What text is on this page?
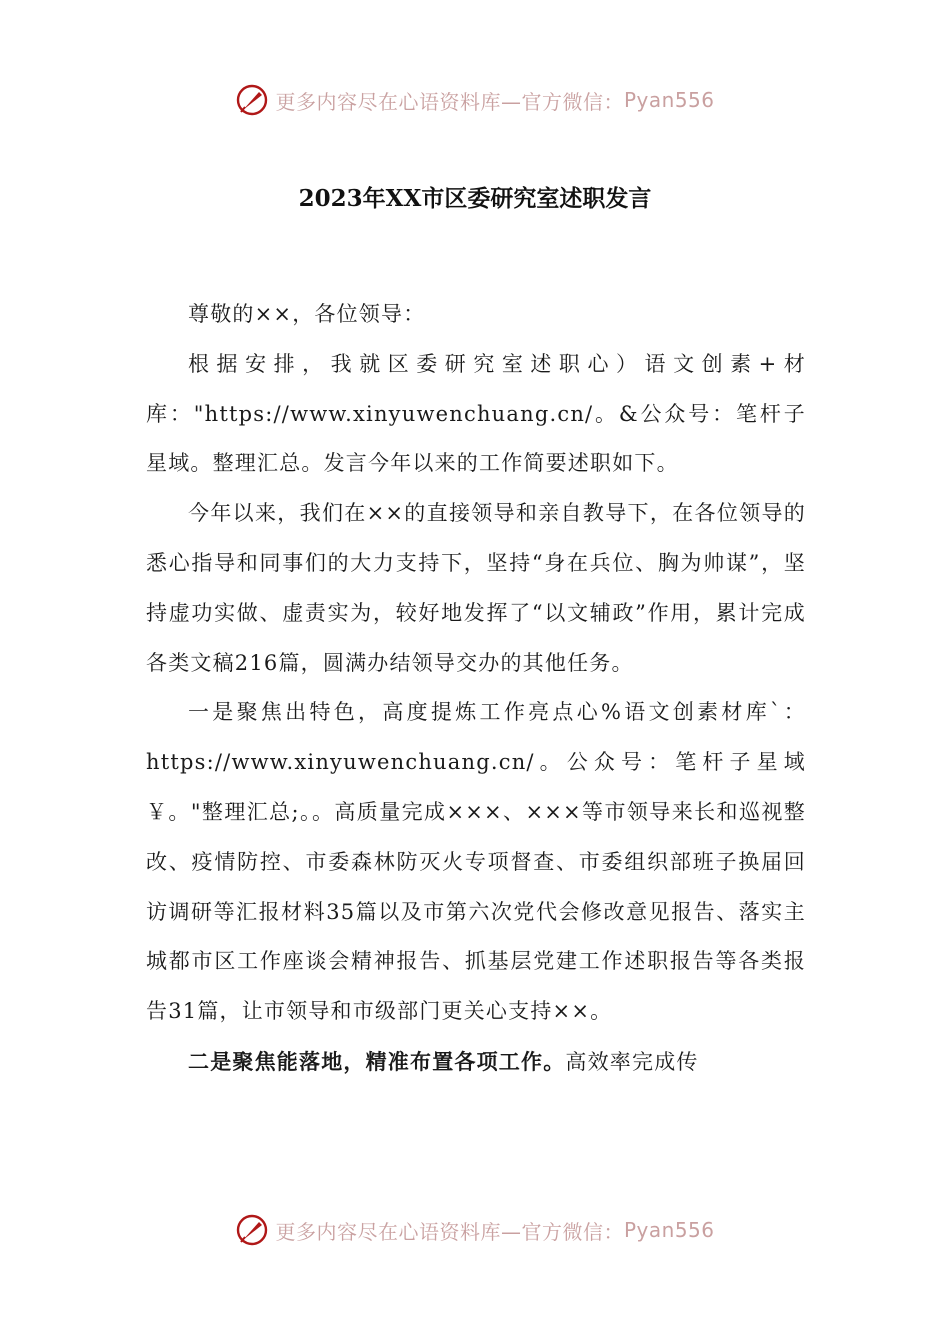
更多内容尽在心语资料库—官方微信： Pyan556
2023年XX市区委研究室述职发言

尊敬的××，各位领导：

根据安排，我就区委研究室述职心）语文创素+材库："https://www.xinyuwenchuang.cn/。&公众号：笔杆子星域。整理汇总。发言今年以来的工作简要述职如下。

今年以来，我们在××的直接领导和亲自教导下，在各位领导的悉心指导和同事们的大力支持下，坚持“身在兵位、胸为帅谋”，坚持虚功实做、虚责实为，较好地发挥了“以文辅政”作用，累计完成各类文稿216篇，圆满办结领导交办的其他任务。

一是聚焦出特色，高度提炼工作亮点心%语文创素材库`：https://www.xinyuwenchuang.cn/。公众号：笔杆子星域￥。"整理汇总;。。高质量完成×××、×××等市领导来长和巡视整改、疫情防控、市委森林防灭火专项督查、市委组织部班子换届回访调研等汇报材料35篇以及市第六次党代会修改意见报告、落实主城都市区工作座谈会精神报告、抓基层党建工作述职报告等各类报告31篇，让市领导和市级部门更关心支持××。

二是聚焦能落地，精准布置各项工作。高效率完成传

更多内容尽在心语资料库—官方微信： Pyan556
